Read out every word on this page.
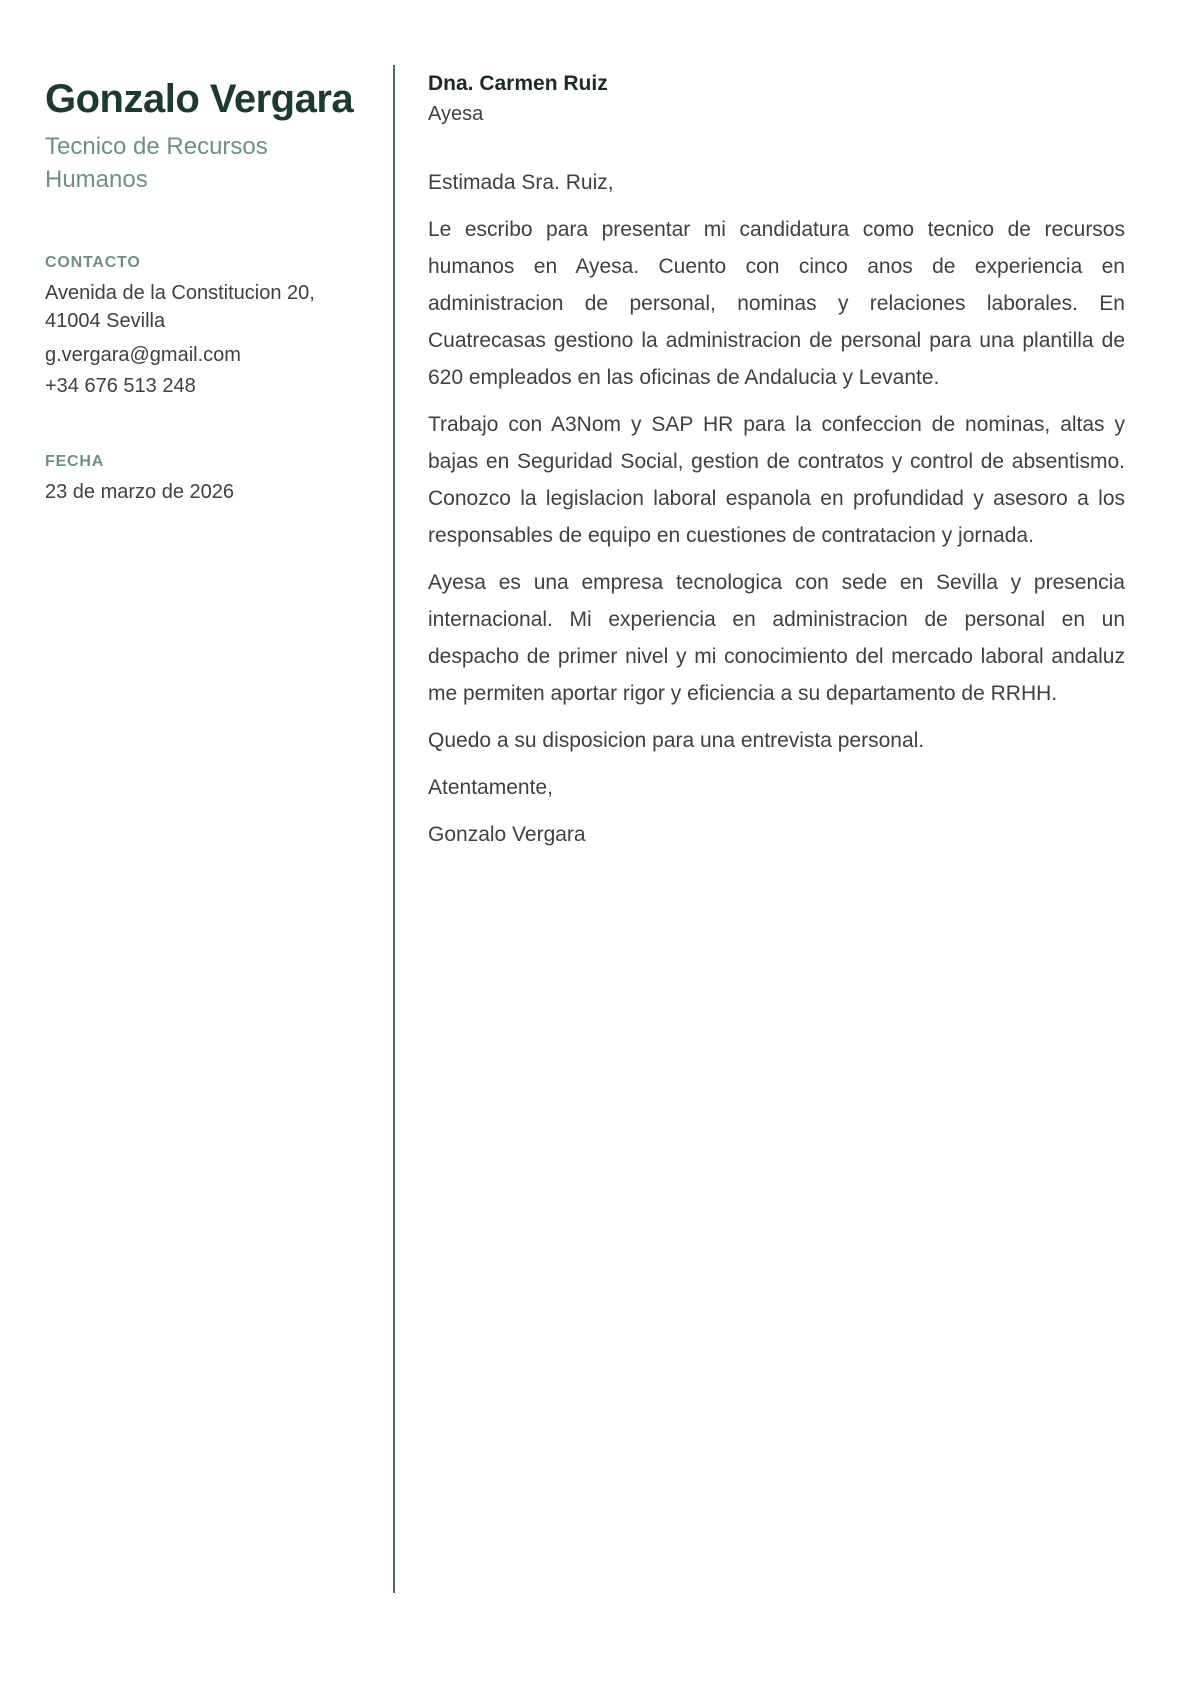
Gonzalo Vergara
Tecnico de Recursos Humanos
CONTACTO
Avenida de la Constitucion 20,
41004 Sevilla
g.vergara@gmail.com
+34 676 513 248
FECHA
23 de marzo de 2026
Dna. Carmen Ruiz
Ayesa

Estimada Sra. Ruiz,

Le escribo para presentar mi candidatura como tecnico de recursos humanos en Ayesa. Cuento con cinco anos de experiencia en administracion de personal, nominas y relaciones laborales. En Cuatrecasas gestiono la administracion de personal para una plantilla de 620 empleados en las oficinas de Andalucia y Levante.

Trabajo con A3Nom y SAP HR para la confeccion de nominas, altas y bajas en Seguridad Social, gestion de contratos y control de absentismo. Conozco la legislacion laboral espanola en profundidad y asesoro a los responsables de equipo en cuestiones de contratacion y jornada.

Ayesa es una empresa tecnologica con sede en Sevilla y presencia internacional. Mi experiencia en administracion de personal en un despacho de primer nivel y mi conocimiento del mercado laboral andaluz me permiten aportar rigor y eficiencia a su departamento de RRHH.

Quedo a su disposicion para una entrevista personal.

Atentamente,

Gonzalo Vergara
